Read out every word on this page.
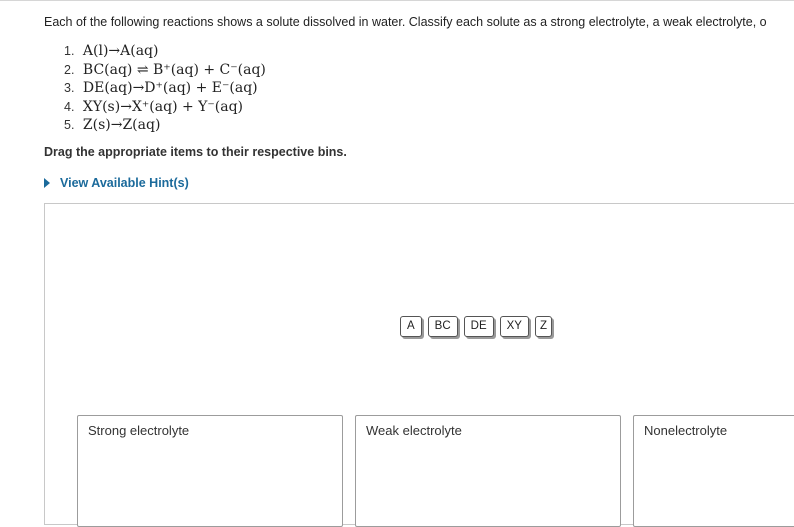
Each of the following reactions shows a solute dissolved in water. Classify each solute as a strong electrolyte, a weak electrolyte, o
1. A(l)→A(aq)
2. BC(aq) ⇌ B⁺(aq) + C⁻(aq)
3. DE(aq)→D⁺(aq) + E⁻(aq)
4. XY(s)→X⁺(aq) + Y⁻(aq)
5. Z(s)→Z(aq)
Drag the appropriate items to their respective bins.
View Available Hint(s)
A	BC	DE	XY	Z
Strong electrolyte	Weak electrolyte	Nonelectrolyte
